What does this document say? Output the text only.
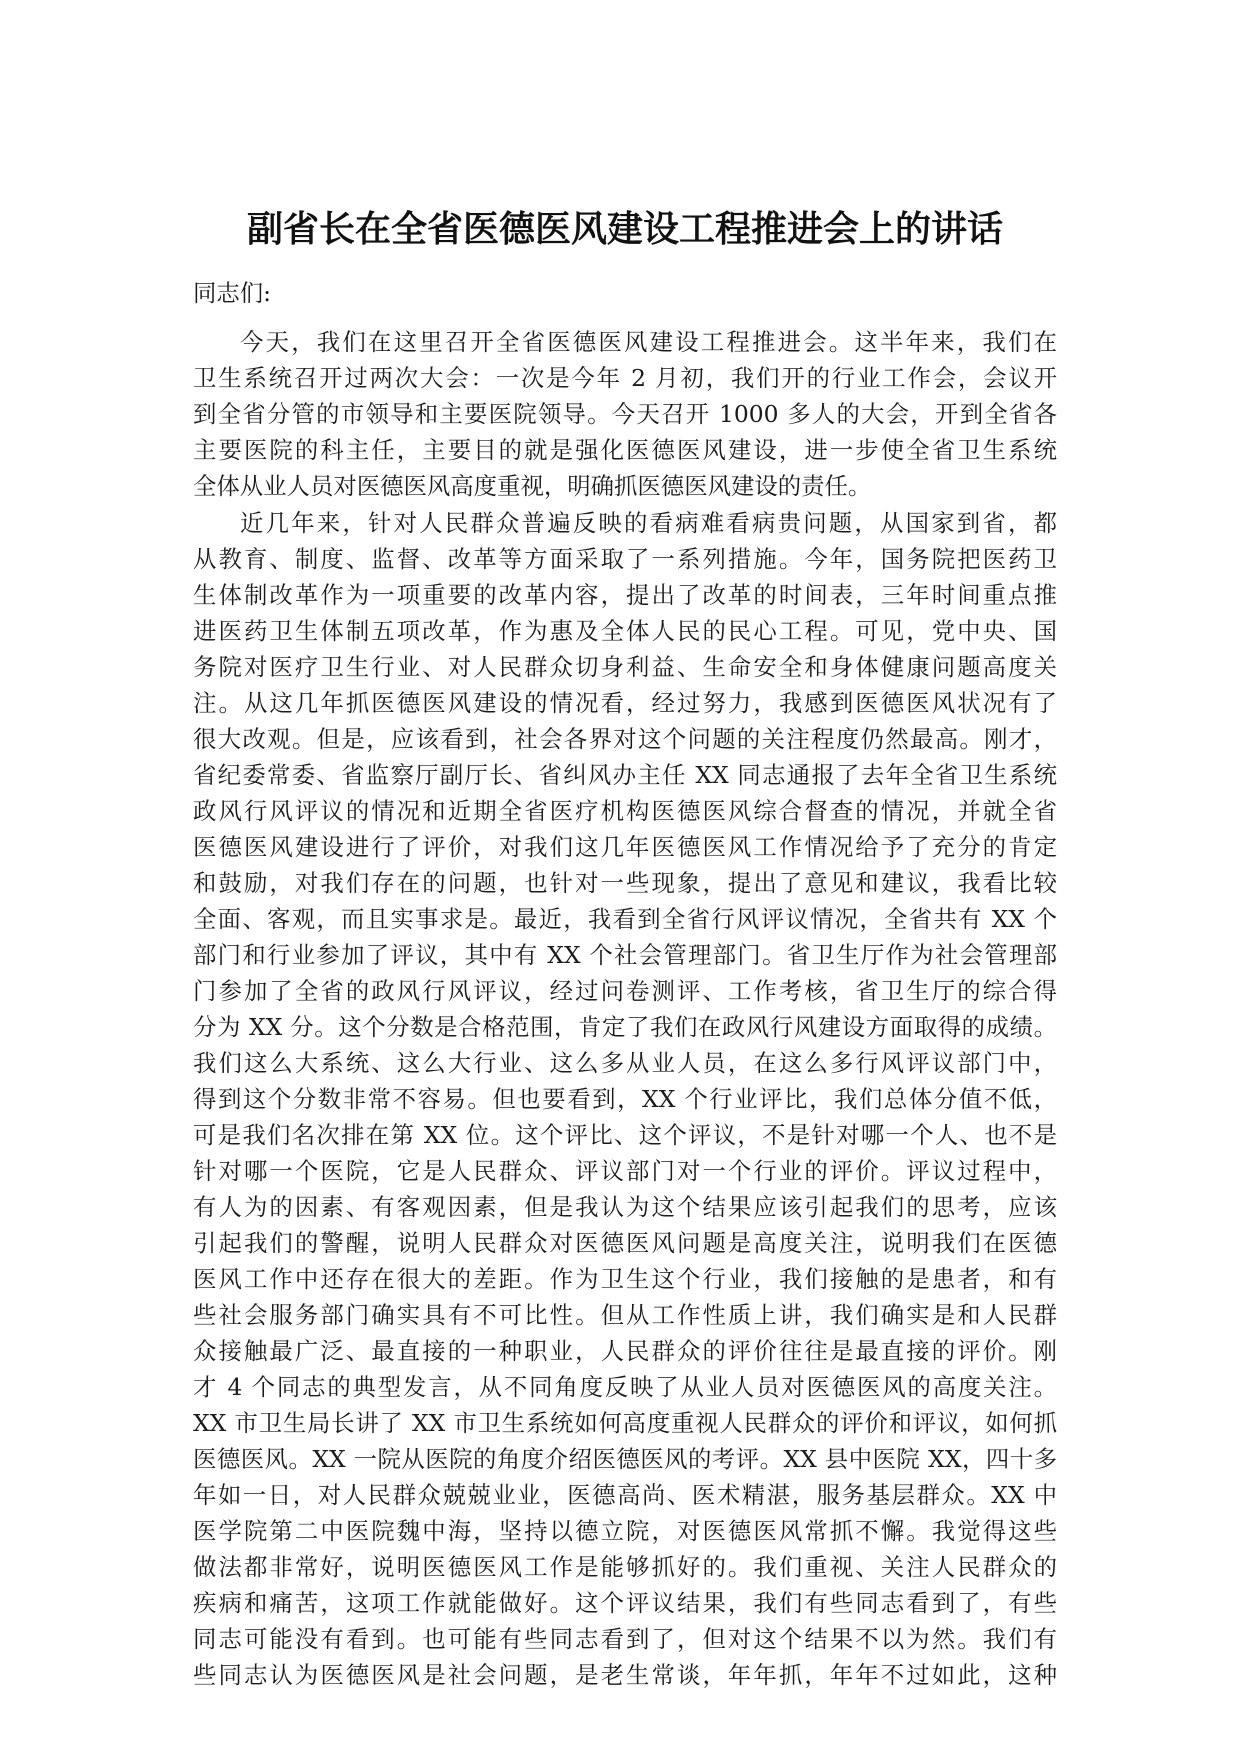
副省长在全省医德医风建设工程推进会上的讲话

同志们:

今天，我们在这里召开全省医德医风建设工程推进会。这半年来，我们在
卫生系统召开过两次大会：一次是今年 2 月初，我们开的行业工作会，会议开
到全省分管的市领导和主要医院领导。今天召开 1000 多人的大会，开到全省各
主要医院的科主任，主要目的就是强化医德医风建设，进一步使全省卫生系统
全体从业人员对医德医风高度重视，明确抓医德医风建设的责任。
近几年来，针对人民群众普遍反映的看病难看病贵问题，从国家到省，都
从教育、制度、监督、改革等方面采取了一系列措施。今年，国务院把医药卫
生体制改革作为一项重要的改革内容，提出了改革的时间表，三年时间重点推
进医药卫生体制五项改革，作为惠及全体人民的民心工程。可见，党中央、国
务院对医疗卫生行业、对人民群众切身利益、生命安全和身体健康问题高度关
注。从这几年抓医德医风建设的情况看，经过努力，我感到医德医风状况有了
很大改观。但是，应该看到，社会各界对这个问题的关注程度仍然最高。刚才，
省纪委常委、省监察厅副厅长、省纠风办主任 XX 同志通报了去年全省卫生系统
政风行风评议的情况和近期全省医疗机构医德医风综合督查的情况，并就全省
医德医风建设进行了评价，对我们这几年医德医风工作情况给予了充分的肯定
和鼓励，对我们存在的问题，也针对一些现象，提出了意见和建议，我看比较
全面、客观，而且实事求是。最近，我看到全省行风评议情况，全省共有 XX 个
部门和行业参加了评议，其中有 XX 个社会管理部门。省卫生厅作为社会管理部
门参加了全省的政风行风评议，经过问卷测评、工作考核，省卫生厅的综合得
分为 XX 分。这个分数是合格范围，肯定了我们在政风行风建设方面取得的成绩。
我们这么大系统、这么大行业、这么多从业人员，在这么多行风评议部门中，
得到这个分数非常不容易。但也要看到，XX 个行业评比，我们总体分值不低，
可是我们名次排在第 XX 位。这个评比、这个评议，不是针对哪一个人、也不是
针对哪一个医院，它是人民群众、评议部门对一个行业的评价。评议过程中，
有人为的因素、有客观因素，但是我认为这个结果应该引起我们的思考，应该
引起我们的警醒，说明人民群众对医德医风问题是高度关注，说明我们在医德
医风工作中还存在很大的差距。作为卫生这个行业，我们接触的是患者，和有
些社会服务部门确实具有不可比性。但从工作性质上讲，我们确实是和人民群
众接触最广泛、最直接的一种职业，人民群众的评价往往是最直接的评价。刚
才 4 个同志的典型发言，从不同角度反映了从业人员对医德医风的高度关注。
XX 市卫生局长讲了 XX 市卫生系统如何高度重视人民群众的评价和评议，如何抓
医德医风。XX 一院从医院的角度介绍医德医风的考评。XX 县中医院 XX，四十多
年如一日，对人民群众兢兢业业，医德高尚、医术精湛，服务基层群众。XX 中
医学院第二中医院魏中海，坚持以德立院，对医德医风常抓不懈。我觉得这些
做法都非常好，说明医德医风工作是能够抓好的。我们重视、关注人民群众的
疾病和痛苦，这项工作就能做好。这个评议结果，我们有些同志看到了，有些
同志可能没有看到。也可能有些同志看到了，但对这个结果不以为然。我们有
些同志认为医德医风是社会问题，是老生常谈，年年抓，年年不过如此，这种
